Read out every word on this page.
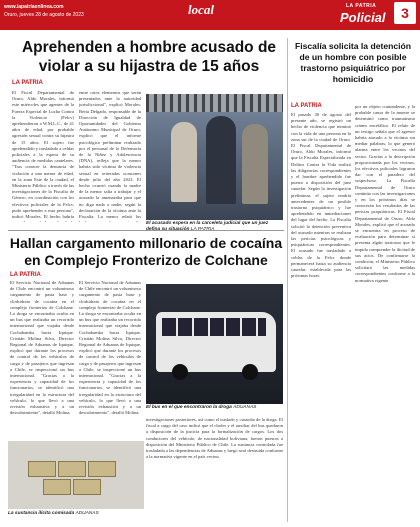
www.lapatriaenlinea.com
Oruro, jueves 28 de agosto de 2023	local	LA PATRIA
Policial	3
Aprehenden a hombre acusado de violar a su hijastra de 15 años
LA PATRIA
El Fiscal Departamental de Oruro, Aldo Morales, informó este miércoles que agentes de la Fuerza Especial de Lucha Contra la Violencia (Felcv) aprehendieron a W.M.L.C., de 41 años de edad, por probable agresión sexual contra su hijastra de 15 años. El sujeto fue aprehendido y trasladado a celdas policiales a la espera de su audiencia de medidas cautelares. "Tras conocer la denuncia de violación a una menor de edad, en la zona Este de la ciudad, el Ministerio Público a través de las investigaciones de la Fiscalía de Género, en coordinación con los efectivos policiales de la Felcv, pudo aprehender a esta persona", indicó Morales. El hecho habría
entre otros elementos que serán presentados ante la autoridad jurisdiccional", explicó Morales. Berta Delgado, responsable de la Dirección de Igualdad de Oportunidades del Gobierno Autónomo Municipal de Oruro, explicó que el informe psicológico preliminar realizado por el personal de la Defensoría de la Niñez y Adolescencia (DNA), refleja que la menor habría sido víctima de violencia sexual en reiteradas ocasiones desde julio del año 2023. El hecho ocurrió cuando la madre de la menor salía a trabajar y el acusado la amenazaba para que no diga nada a nadie, según la declaración de la víctima ante la Fiscalía. La menor relató los
El acusado espera en la carceleta judicial que un juez
Fiscalía solicita la detención de un hombre con posible trastorno psiquiátrico por homicidio
LA PATRIA
El pasado 30 de agosto del presente año, se registró un hecho de violencia que terminó con la vida de una persona en la zona sur de la ciudad de Oruro. El Fiscal Departamental de Oruro, Aldo Morales, informó que la Fiscalía Especializada en Delitos Contra la Vida realizó las diligencias correspondientes y el hombre aprehendido fue puesto a disposición del juez cautelar. Según la investigación preliminar, el sujeto tendría antecedentes de un posible trastorno psiquiátrico y fue aprehendido en inmediaciones del lugar del hecho. La Fiscalía solicitó la detención preventiva del acusado mientras se realizan las pericias psicológicas y psiquiátricas correspondientes. El acusado fue trasladado a celdas de la Felcc donde permanecerá hasta su audiencia cautelar, establecida para las próximas horas.
por un objeto contundente, y la probable causa de la muerte se determinó como traumatismo cráneo encefálico. El relato de un testigo señala que el agresor habría atacado a la víctima sin mediar palabras, lo que generó alarma entre los vecinos del sector. Gracias a la descripción proporcionada por los vecinos, los efectivos policiales lograron dar con el paradero del sospechoso. La Fiscalía Departamental de Oruro continúa con las investigaciones y en los próximos días se conocerán los resultados de las pericias psiquiátricas. El Fiscal Departamental de Oruro, Aldo Morales, explicó que el acusado se encuentra en proceso de evaluación para determinar si presenta algún trastorno que le impida comprender la ilicitud de sus actos. De confirmarse la condición, el Ministerio Público solicitará las medidas correspondientes conforme a la normativa vigente.
Hallan cargamento millonario de cocaína en Complejo Fronterizo de Colchane
LA PATRIA
El Servicio Nacional de Aduanas de Chile encontró un voluminoso cargamento de pasta base y clorhidrato de cocaína en el complejo fronterizo de Colchane. La droga se encontraba oculta en un bus que realizaba un recorrido internacional que viajaba desde Cochabamba hacia Iquique. Cristián Molina Silva, Director Regional de Aduanas de Iquique, explicó que durante los procesos de control de los vehículos de carga y de pasajeros que ingresan a Chile, se inspeccionó un bus internacional. "Gracias a la experiencia y capacidad de los funcionarios, se identificó una irregularidad en la estructura del vehículo, lo que llevó a una revisión exhaustiva y a un descubrimiento", detalló Molina.
El Servicio Nacional de Aduanas de Chile encontró un voluminoso cargamento de pasta base y clorhidrato de cocaína en el complejo fronterizo de Colchane. La droga se encontraba oculta en un bus que realizaba un recorrido internacional que viajaba desde Cochabamba hacia Iquique. Cristián Molina Silva, Director Regional de Aduanas de Iquique, explicó que durante los procesos de control de los vehículos de carga y de pasajeros que ingresan a Chile, se inspeccionó un bus internacional. "Gracias a la experiencia y capacidad de los funcionarios, se identificó una irregularidad en la estructura del vehículo, lo que llevó a una revisión exhaustiva y a un descubrimiento", detalló Molina.
El bus en el que encontraron la droga ADUANAS
investigaciones posteriores, así como el traslado y custodia de la droga. El fiscal a cargo del caso indicó que el chofer y el auxiliar del bus quedaron a disposición de la justicia para la formalización de cargos. Los dos conductores del vehículo, de nacionalidad boliviana, fueron puestos a disposición del Ministerio Público de Chile. La sustancia controlada fue trasladada a las dependencias de Aduanas y luego será destruida conforme a la normativa vigente en el país vecino.
La sustancia ilícita comisada ADUANAS
